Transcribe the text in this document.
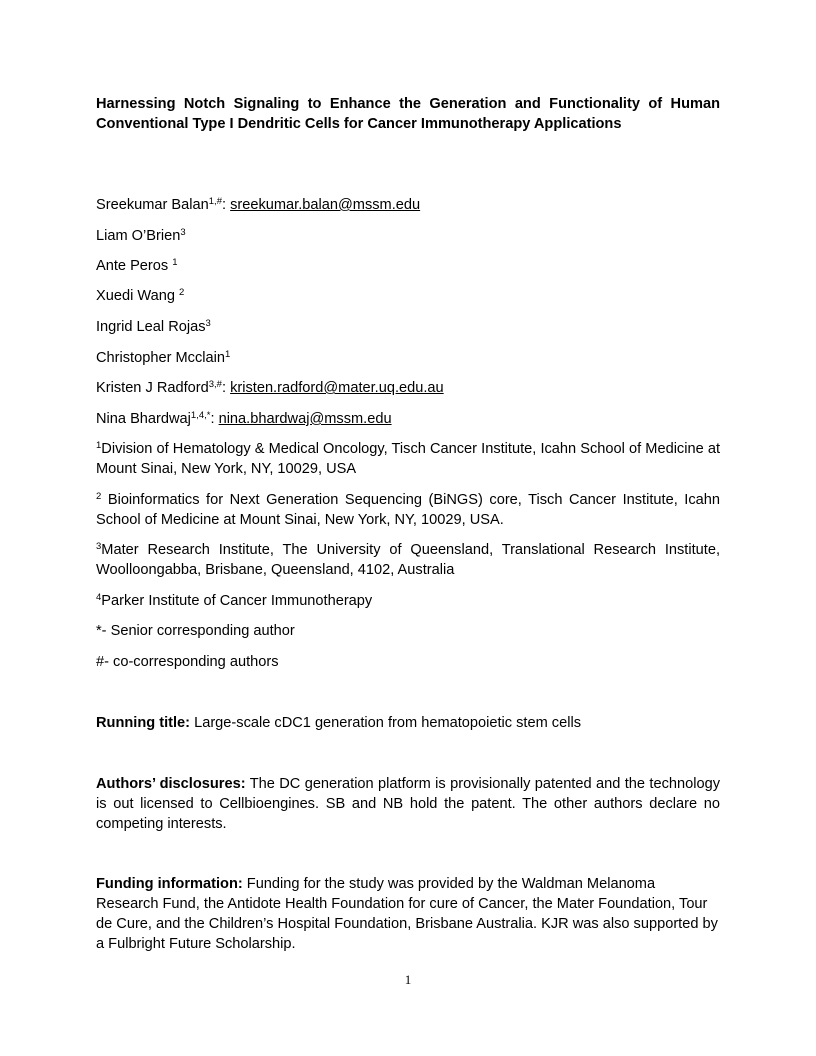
Harnessing Notch Signaling to Enhance the Generation and Functionality of Human Conventional Type I Dendritic Cells for Cancer Immunotherapy Applications

Sreekumar Balan$^{1,\#}$: sreekumar.balan@mssm.edu
Liam O’Brien$^3$
Ante Peros $^1$
Xuedi Wang $^2$
Ingrid Leal Rojas$^3$
Christopher Mcclain$^1$
Kristen J Radford$^{3,\#}$: kristen.radford@mater.uq.edu.au
Nina Bhardwaj$^{1,4,*}$: nina.bhardwaj@mssm.edu
$^1$Division of Hematology & Medical Oncology, Tisch Cancer Institute, Icahn School of Medicine at Mount Sinai, New York, NY, 10029, USA
$^2$ Bioinformatics for Next Generation Sequencing (BiNGS) core, Tisch Cancer Institute, Icahn School of Medicine at Mount Sinai, New York, NY, 10029, USA.
$^3$Mater Research Institute, The University of Queensland, Translational Research Institute, Woolloongabba, Brisbane, Queensland, 4102, Australia
$^4$Parker Institute of Cancer Immunotherapy
*- Senior corresponding author
#- co-corresponding authors
Running title: Large-scale cDC1 generation from hematopoietic stem cells
Authors’ disclosures: The DC generation platform is provisionally patented and the technology is out licensed to Cellbioengines. SB and NB hold the patent. The other authors declare no competing interests.
Funding information: Funding for the study was provided by the Waldman Melanoma Research Fund, the Antidote Health Foundation for cure of Cancer, the Mater Foundation, Tour de Cure, and the Children’s Hospital Foundation, Brisbane Australia. KJR was also supported by a Fulbright Future Scholarship.
1
